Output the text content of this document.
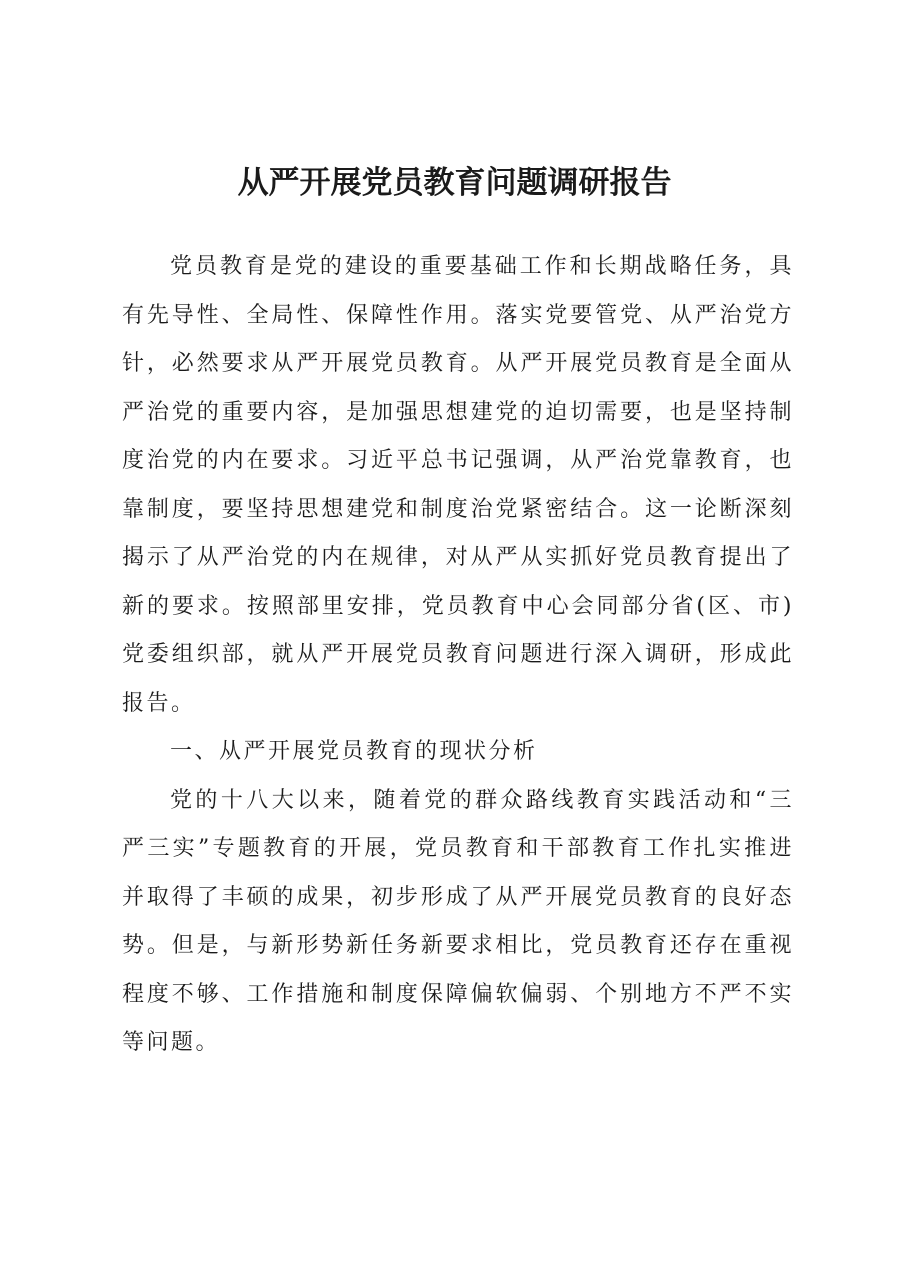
从严开展党员教育问题调研报告

党员教育是党的建设的重要基础工作和长期战略任务，具有先导性、全局性、保障性作用。落实党要管党、从严治党方针，必然要求从严开展党员教育。从严开展党员教育是全面从严治党的重要内容，是加强思想建党的迫切需要，也是坚持制度治党的内在要求。习近平总书记强调，从严治党靠教育，也靠制度，要坚持思想建党和制度治党紧密结合。这一论断深刻揭示了从严治党的内在规律，对从严从实抓好党员教育提出了新的要求。按照部里安排，党员教育中心会同部分省(区、市)党委组织部，就从严开展党员教育问题进行深入调研，形成此报告。

一、从严开展党员教育的现状分析

党的十八大以来，随着党的群众路线教育实践活动和“三严三实”专题教育的开展，党员教育和干部教育工作扎实推进并取得了丰硕的成果，初步形成了从严开展党员教育的良好态势。但是，与新形势新任务新要求相比，党员教育还存在重视程度不够、工作措施和制度保障偏软偏弱、个别地方不严不实等问题。
